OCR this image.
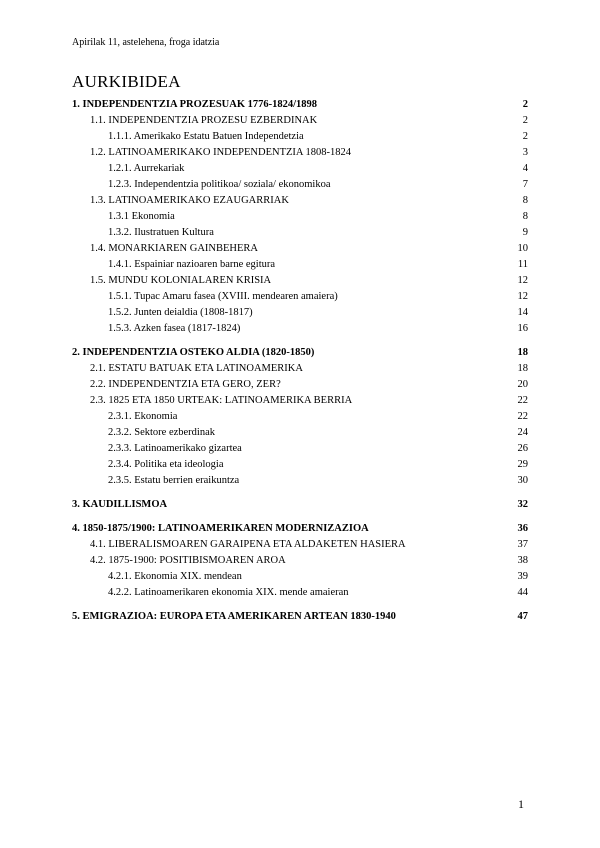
Apirilak 11, astelehena, froga idatzia
AURKIBIDEA
1. INDEPENDENTZIA PROZESUAK 1776-1824/1898	2
1.1. INDEPENDENTZIA PROZESU EZBERDINAK	2
1.1.1. Amerikako Estatu Batuen Independetzia	2
1.2. LATINOAMERIKAKO INDEPENDENTZIA 1808-1824	3
1.2.1. Aurrekariak	4
1.2.3. Independentzia politikoa/ soziala/ ekonomikoa	7
1.3. LATINOAMERIKAKO EZAUGARRIAK	8
1.3.1 Ekonomia	8
1.3.2. Ilustratuen Kultura	9
1.4. MONARKIAREN GAINBEHERA	10
1.4.1. Espainiar nazioaren barne egitura	11
1.5. MUNDU KOLONIALAREN KRISIA	12
1.5.1. Tupac Amaru fasea (XVIII. mendearen amaiera)	12
1.5.2. Junten deialdia (1808-1817)	14
1.5.3. Azken fasea (1817-1824)	16
2. INDEPENDENTZIA OSTEKO ALDIA (1820-1850)	18
2.1. ESTATU BATUAK ETA LATINOAMERIKA	18
2.2. INDEPENDENTZIA ETA GERO, ZER?	20
2.3. 1825 ETA 1850 URTEAK: LATINOAMERIKA BERRIA	22
2.3.1. Ekonomia	22
2.3.2. Sektore ezberdinak	24
2.3.3. Latinoamerikako gizartea	26
2.3.4. Politika eta ideologia	29
2.3.5. Estatu berrien eraikuntza	30
3. KAUDILLISMOA	32
4. 1850-1875/1900: LATINOAMERIKAREN MODERNIZAZIOA	36
4.1. LIBERALISMOAREN GARAIPENA ETA ALDAKETEN HASIERA	37
4.2. 1875-1900: POSITIBISMOAREN AROA	38
4.2.1. Ekonomia XIX. mendean	39
4.2.2. Latinoamerikaren ekonomia XIX. mende amaieran	44
5. EMIGRAZIOA: EUROPA ETA AMERIKAREN ARTEAN 1830-1940	47
1
